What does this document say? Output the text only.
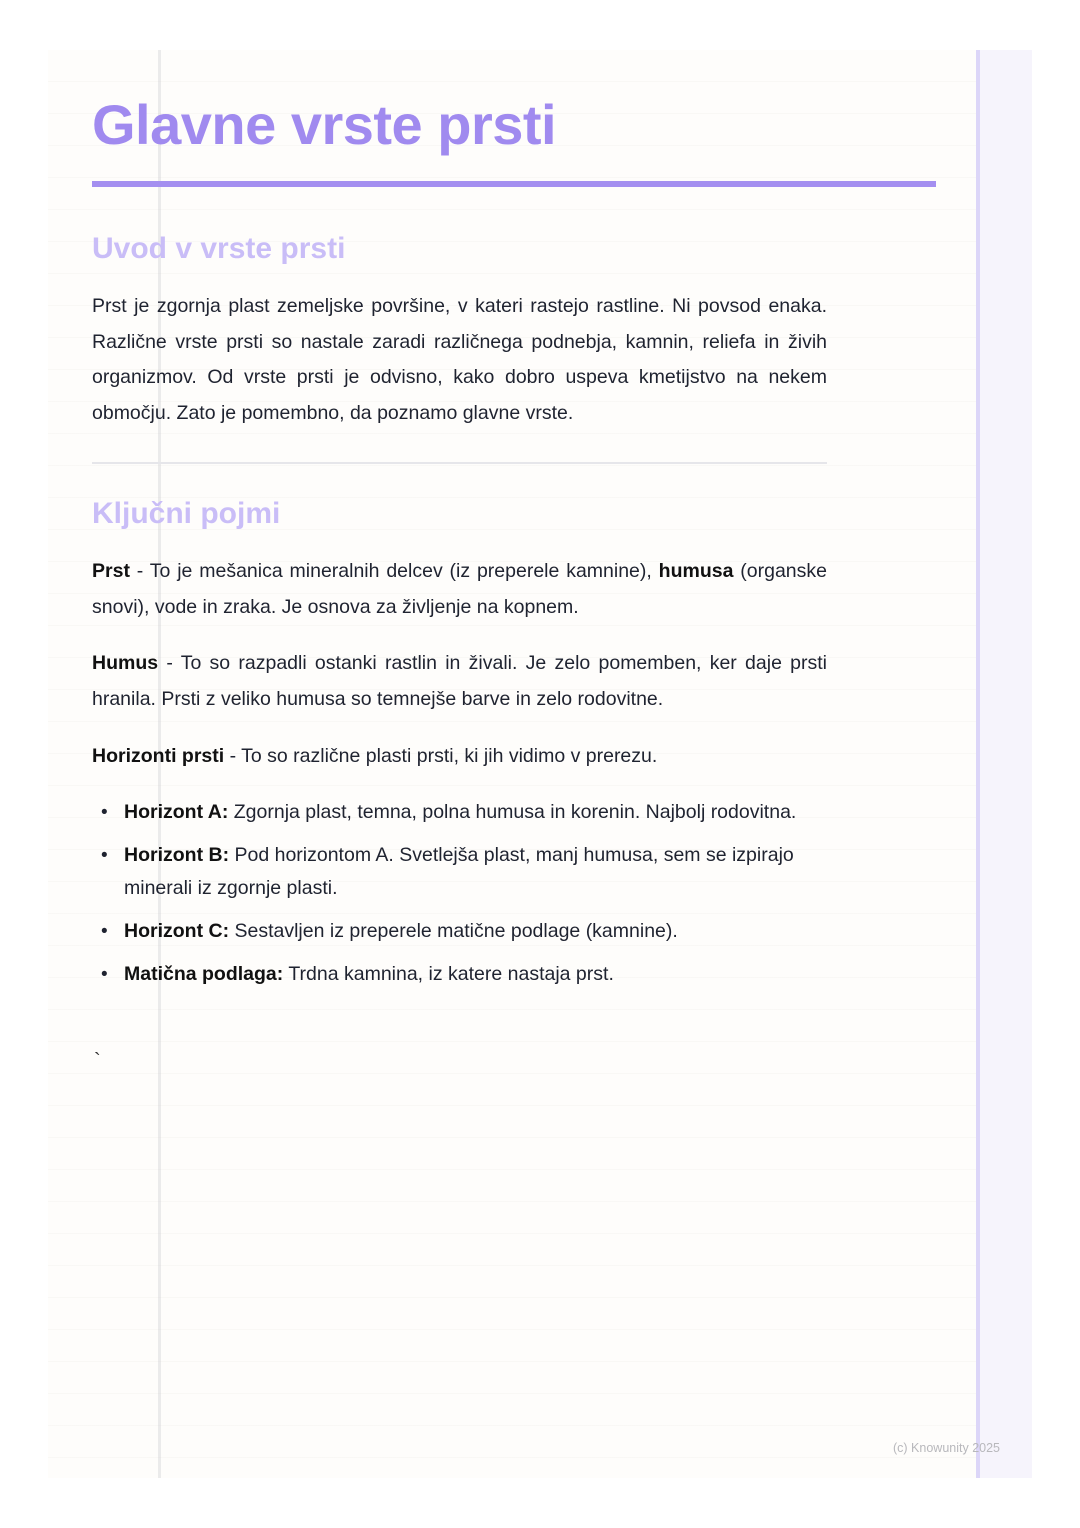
Glavne vrste prsti
Uvod v vrste prsti

Prst je zgornja plast zemeljske površine, v kateri rastejo rastline. Ni povsod enaka. Različne vrste prsti so nastale zaradi različnega podnebja, kamnin, reliefa in živih organizmov. Od vrste prsti je odvisno, kako dobro uspeva kmetijstvo na nekem območju. Zato je pomembno, da poznamo glavne vrste.

Ključni pojmi

Prst - To je mešanica mineralnih delcev (iz preperele kamnine), humusa (organske snovi), vode in zraka. Je osnova za življenje na kopnem.

Humus - To so razpadli ostanki rastlin in živali. Je zelo pomemben, ker daje prsti hranila. Prsti z veliko humusa so temnejše barve in zelo rodovitne.

Horizonti prsti - To so različne plasti prsti, ki jih vidimo v prerezu.

• Horizont A: Zgornja plast, temna, polna humusa in korenin. Najbolj rodovitna.
• Horizont B: Pod horizontom A. Svetlejša plast, manj humusa, sem se izpirajo minerali iz zgornje plasti.
• Horizont C: Sestavljen iz preperele matične podlage (kamnine).
• Matična podlaga: Trdna kamnina, iz katere nastaja prst.
`
(c) Knowunity 2025
